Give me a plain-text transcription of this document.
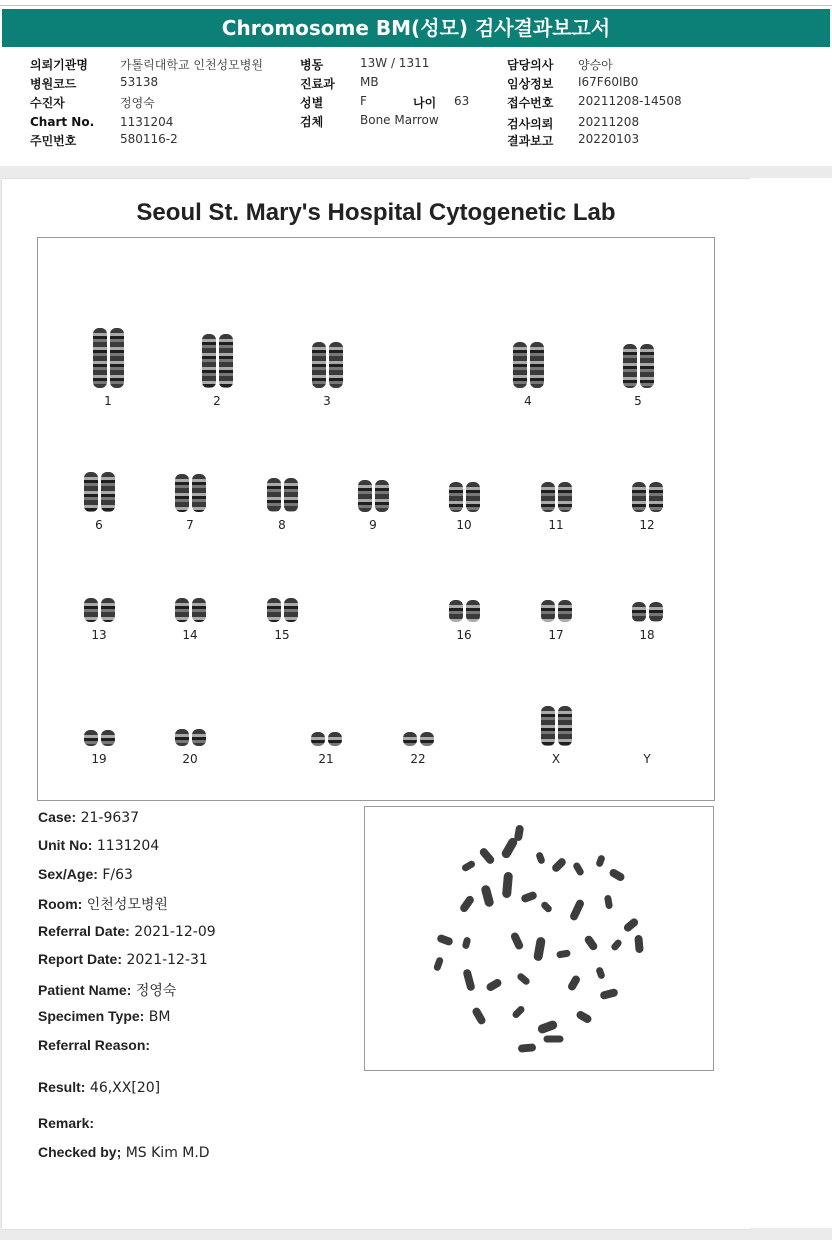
Chromosome BM(성모) 검사결과보고서
의뢰기관명	가톨릭대학교 인천성모병원
병원코드	53138
수진자	정영숙
Chart No. 1131204
주민번호	580116-2
병동	13W / 1311
진료과 MB
성별	F	나이 63
검체	Bone Marrow
담당의사 양승아
임상정보 I67F60IB0
접수번호 20211208-14508
검사의뢰 20211208
결과보고 20220103
Seoul St. Mary's Hospital Cytogenetic Lab
1	2	3	4	5
6	7	8	9	10	11	12
13	14	15	16	17	18
19	20	21	22	X	Y
Case: 21-9637
Unit No: 1131204
Sex/Age: F/63
Room: 인천성모병원
Referral Date: 2021-12-09
Report Date: 2021-12-31
Patient Name: 정영숙
Specimen Type: BM
Referral Reason:
Result: 46,XX[20]
Remark:
Checked by; MS Kim M.D
